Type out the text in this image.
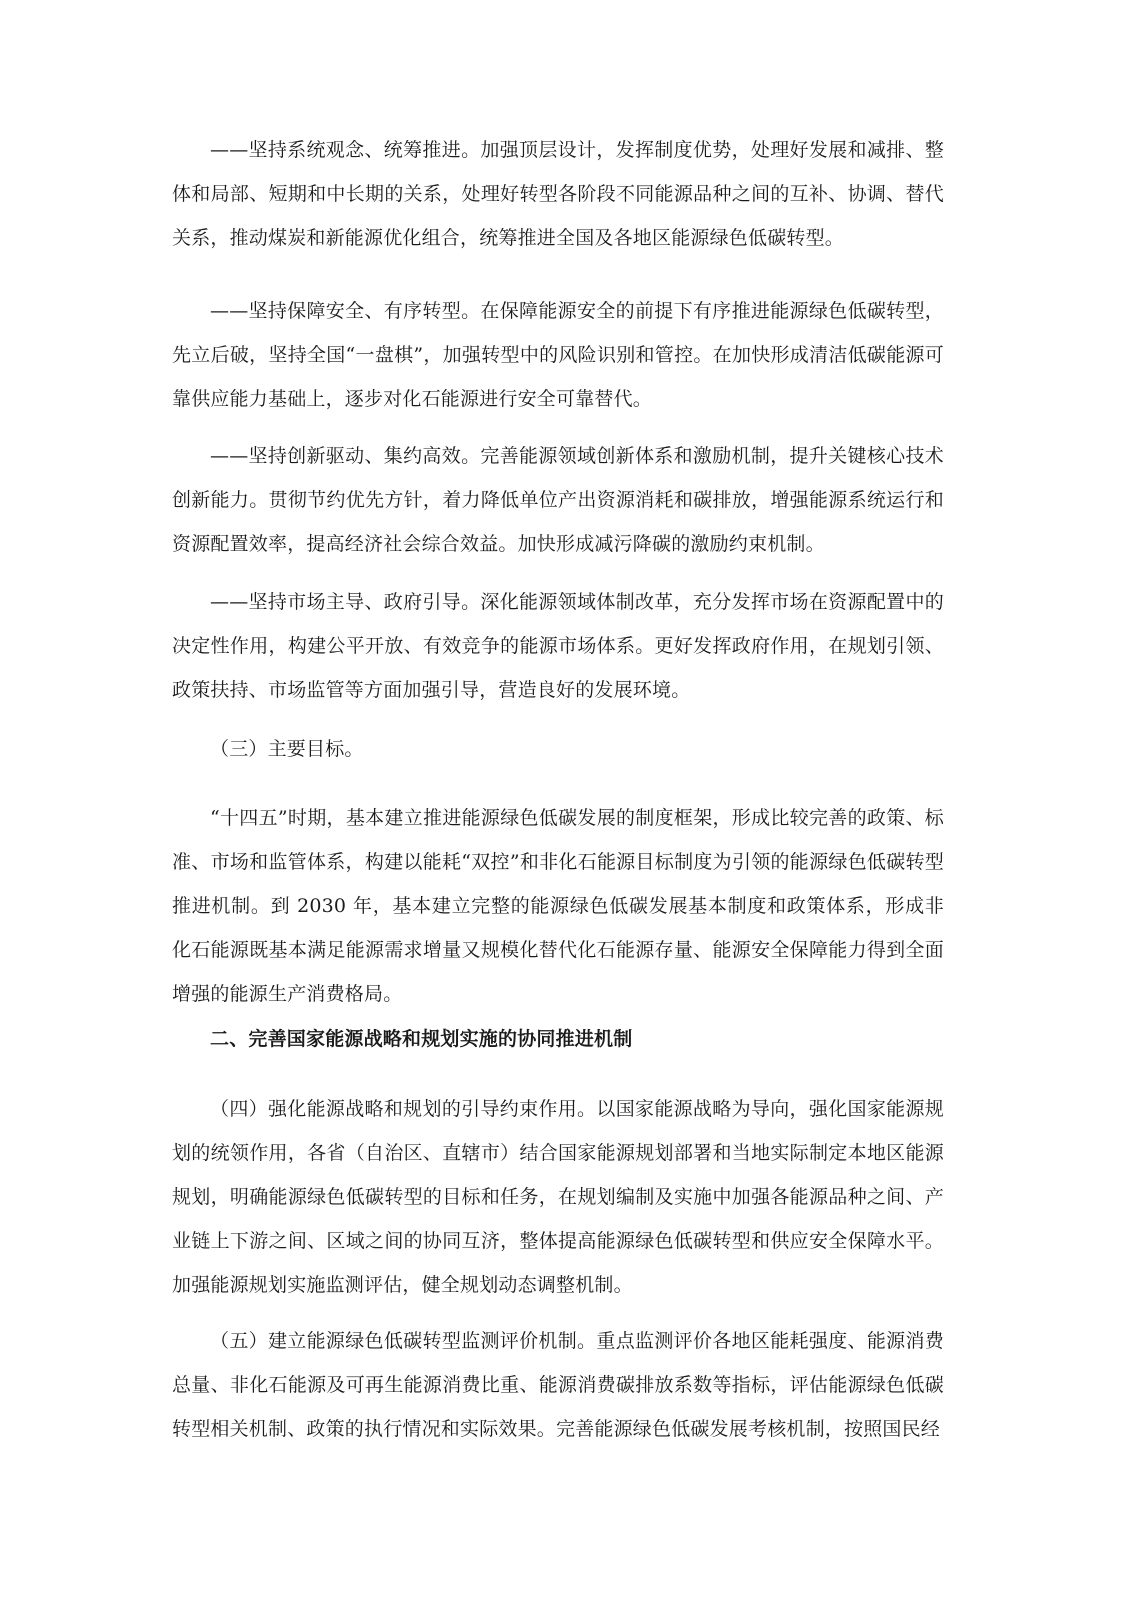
——坚持系统观念、统筹推进。加强顶层设计，发挥制度优势，处理好发展和减排、整体和局部、短期和中长期的关系，处理好转型各阶段不同能源品种之间的互补、协调、替代关系，推动煤炭和新能源优化组合，统筹推进全国及各地区能源绿色低碳转型。

——坚持保障安全、有序转型。在保障能源安全的前提下有序推进能源绿色低碳转型，先立后破，坚持全国“一盘棋”，加强转型中的风险识别和管控。在加快形成清洁低碳能源可靠供应能力基础上，逐步对化石能源进行安全可靠替代。

——坚持创新驱动、集约高效。完善能源领域创新体系和激励机制，提升关键核心技术创新能力。贯彻节约优先方针，着力降低单位产出资源消耗和碳排放，增强能源系统运行和资源配置效率，提高经济社会综合效益。加快形成减污降碳的激励约束机制。

——坚持市场主导、政府引导。深化能源领域体制改革，充分发挥市场在资源配置中的决定性作用，构建公平开放、有效竞争的能源市场体系。更好发挥政府作用，在规划引领、政策扶持、市场监管等方面加强引导，营造良好的发展环境。

（三）主要目标。

“十四五”时期，基本建立推进能源绿色低碳发展的制度框架，形成比较完善的政策、标准、市场和监管体系，构建以能耗“双控”和非化石能源目标制度为引领的能源绿色低碳转型推进机制。到 2030 年，基本建立完整的能源绿色低碳发展基本制度和政策体系，形成非化石能源既基本满足能源需求增量又规模化替代化石能源存量、能源安全保障能力得到全面增强的能源生产消费格局。

二、完善国家能源战略和规划实施的协同推进机制

（四）强化能源战略和规划的引导约束作用。以国家能源战略为导向，强化国家能源规划的统领作用，各省（自治区、直辖市）结合国家能源规划部署和当地实际制定本地区能源规划，明确能源绿色低碳转型的目标和任务，在规划编制及实施中加强各能源品种之间、产业链上下游之间、区域之间的协同互济，整体提高能源绿色低碳转型和供应安全保障水平。加强能源规划实施监测评估，健全规划动态调整机制。

（五）建立能源绿色低碳转型监测评价机制。重点监测评价各地区能耗强度、能源消费总量、非化石能源及可再生能源消费比重、能源消费碳排放系数等指标，评估能源绿色低碳转型相关机制、政策的执行情况和实际效果。完善能源绿色低碳发展考核机制，按照国民经
